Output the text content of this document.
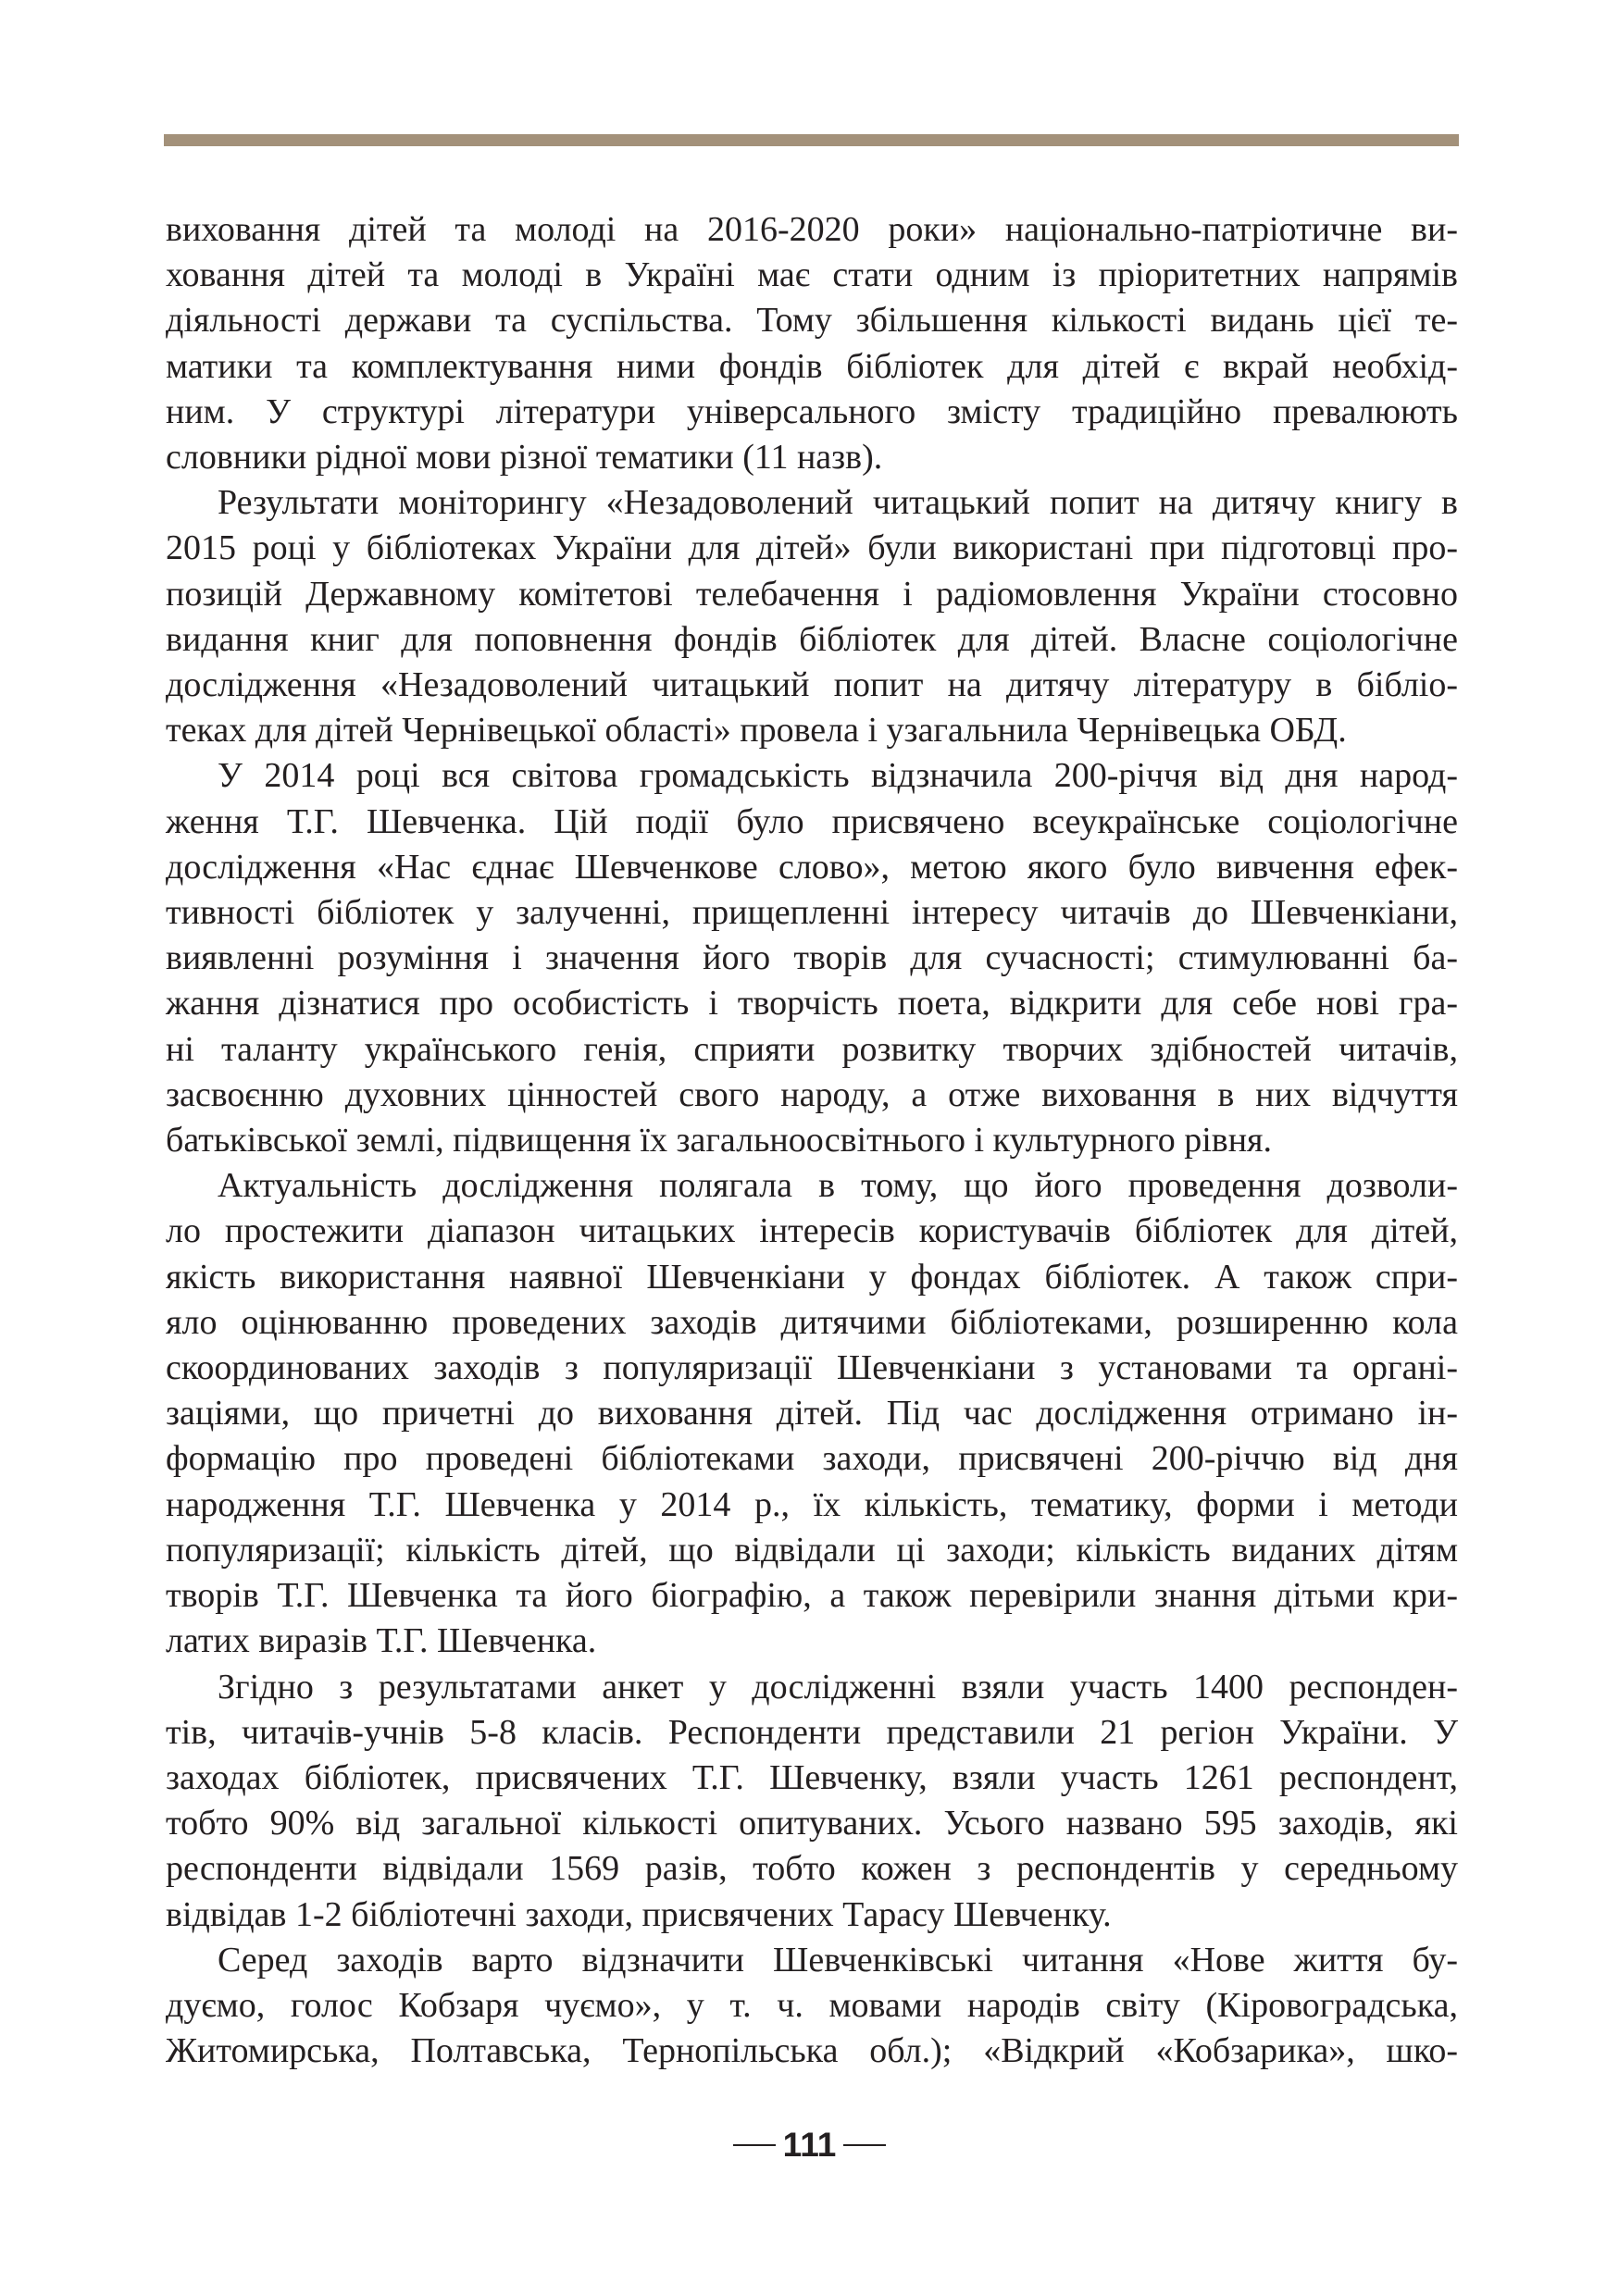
виховання дітей та молоді на 2016-2020 роки» національно-патріотичне ви-

ховання дітей та молоді в Україні має стати одним із пріоритетних напрямів

діяльності держави та суспільства. Тому збільшення кількості видань цієї те-

матики та комплектування ними фондів бібліотек для дітей є вкрай необхід-

ним. У структурі літератури універсального змісту традиційно превалюють

словники рідної мови різної тематики (11 назв).

Результати моніторингу «Незадоволений читацький попит на дитячу книгу в

2015 році у бібліотеках України для дітей» були використані при підготовці про-

позицій Державному комітетові телебачення і радіомовлення України стосовно

видання книг для поповнення фондів бібліотек для дітей. Власне соціологічне

дослідження «Незадоволений читацький попит на дитячу літературу в бібліо-

теках для дітей Чернівецької області» провела і узагальнила Чернівецька ОБД.

У 2014 році вся світова громадськість відзначила 200-річчя від дня народ-

ження Т.Г. Шевченка. Цій події було присвячено всеукраїнське соціологічне

дослідження «Нас єднає Шевченкове слово», метою якого було вивчення ефек-

тивності бібліотек у залученні, прищепленні інтересу читачів до Шевченкіани,

виявленні розуміння і значення його творів для сучасності; стимулюванні ба-

жання дізнатися про особистість і творчість поета, відкрити для себе нові гра-

ні таланту українського генія, сприяти розвитку творчих здібностей читачів,

засвоєнню духовних цінностей свого народу, а отже виховання в них відчуття

батьківської землі, підвищення їх загальноосвітнього і культурного рівня.

Актуальність дослідження полягала в тому, що його проведення дозволи-

ло простежити діапазон читацьких інтересів користувачів бібліотек для дітей,

якість використання наявної Шевченкіани у фондах бібліотек. А також спри-

яло оцінюванню проведених заходів дитячими бібліотеками, розширенню кола

скоординованих заходів з популяризації Шевченкіани з установами та органі-

заціями, що причетні до виховання дітей. Під час дослідження отримано ін-

формацію про проведені бібліотеками заходи, присвячені 200-річчю від дня

народження Т.Г. Шевченка у 2014 р., їх кількість, тематику, форми і методи

популяризації; кількість дітей, що відвідали ці заходи; кількість виданих дітям

творів Т.Г. Шевченка та його біографію, а також перевірили знання дітьми кри-

латих виразів Т.Г. Шевченка.

Згідно з результатами анкет у дослідженні взяли участь 1400 респонден-

тів, читачів-учнів 5-8 класів. Респонденти представили 21 регіон України. У

заходах бібліотек, присвячених Т.Г. Шевченку, взяли участь 1261 респондент,

тобто 90% від загальної кількості опитуваних. Усього названо 595 заходів, які

респонденти відвідали 1569 разів, тобто кожен з респондентів у середньому

відвідав 1-2 бібліотечні заходи, присвячених Тарасу Шевченку.

Серед заходів варто відзначити Шевченківські читання «Нове життя бу-

дуємо, голос Кобзаря чуємо», у т. ч. мовами народів світу (Кіровоградська,

Житомирська, Полтавська, Тернопільська обл.); «Відкрий «Кобзарика», шко-

111
